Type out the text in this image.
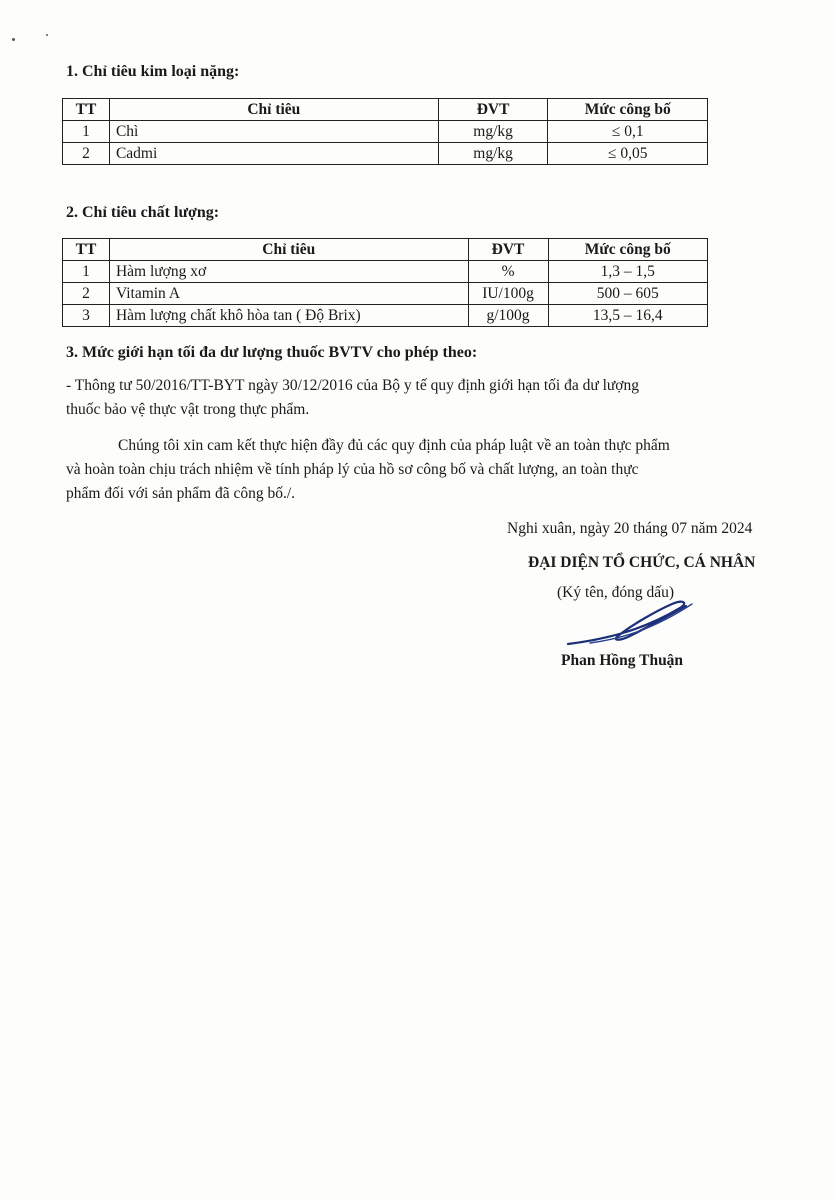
1. Chỉ tiêu kim loại nặng:
TT	Chỉ tiêu	ĐVT	Mức công bố
1	Chì	mg/kg	≤ 0,1
2	Cadmi	mg/kg	≤ 0,05
2. Chỉ tiêu chất lượng:
TT	Chỉ tiêu	ĐVT	Mức công bố
1	Hàm lượng xơ	%	1,3 – 1,5
2	Vitamin A	IU/100g	500 – 605
3	Hàm lượng chất khô hòa tan ( Độ Brix)	g/100g	13,5 – 16,4
3. Mức giới hạn tối đa dư lượng thuốc BVTV cho phép theo:
- Thông tư 50/2016/TT-BYT ngày 30/12/2016 của Bộ y tế quy định giới hạn tối đa dư lượng
thuốc bảo vệ thực vật trong thực phẩm.
Chúng tôi xin cam kết thực hiện đầy đủ các quy định của pháp luật về an toàn thực phẩm
và hoàn toàn chịu trách nhiệm về tính pháp lý của hồ sơ công bố và chất lượng, an toàn thực
phẩm đối với sản phẩm đã công bố./.
Nghi xuân, ngày 20 tháng 07 năm 2024
ĐẠI DIỆN TỔ CHỨC, CÁ NHÂN
(Ký tên, đóng dấu)
Phan Hồng Thuận
